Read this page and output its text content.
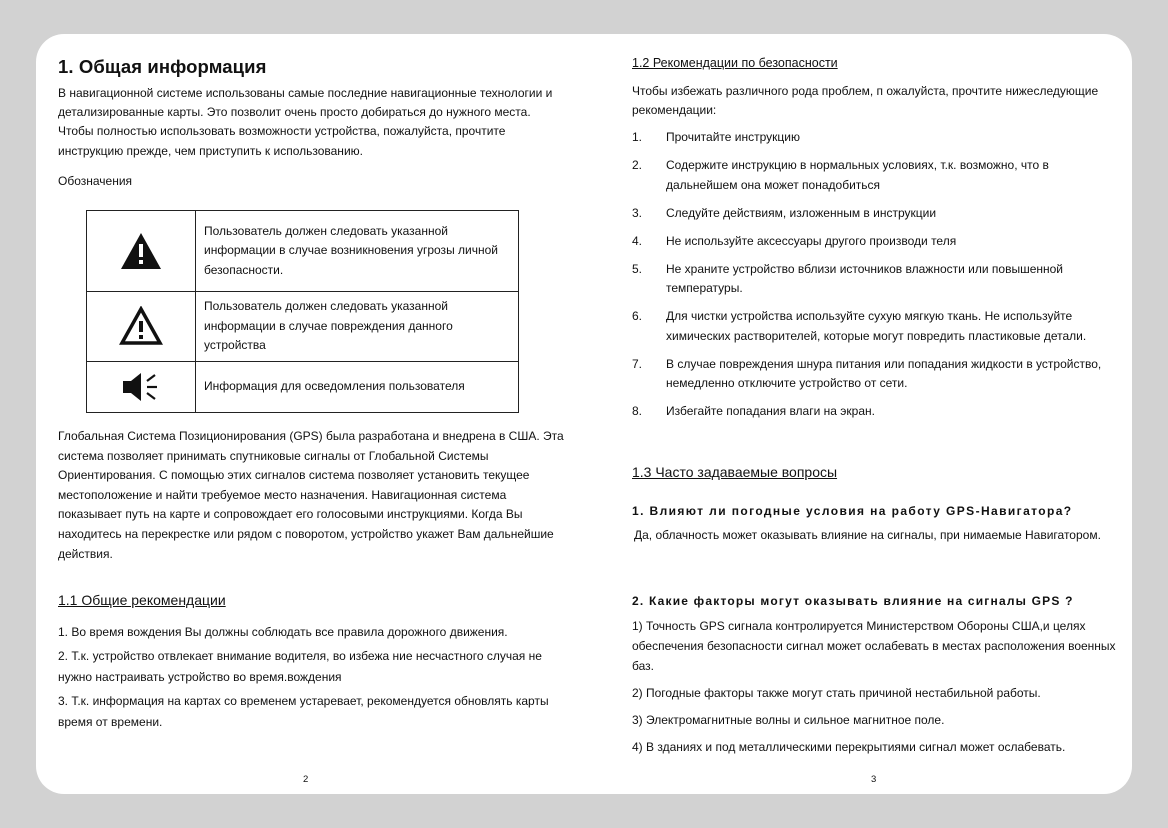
1. Общая информация

В навигационной системе использованы самые последние навигационные технологии и детализированные карты. Это позволит очень просто добираться до нужного места. Чтобы полностью использовать возможности устройства, пожалуйста, прочтите инструкцию прежде, чем приступить к использованию.

Обозначения

	Пользователь должен следовать указанной информации в случае возникновения угрозы личной безопасности.

	Пользователь должен следовать указанной информации в случае повреждения данного устройства

	Информация для осведомления пользователя

Глобальная Система Позиционирования (GPS) была разработана и внедрена в США. Эта система позволяет принимать спутниковые сигналы от Глобальной Системы Ориентирования. С помощью этих сигналов система позволяет установить текущее местоположение и найти требуемое место назначения. Навигационная система показывает путь на карте и сопровождает его голосовыми инструкциями. Когда Вы находитесь на перекрестке или рядом с поворотом, устройство укажет Вам дальнейшие действия.

1.1 Общие рекомендации
1. Во время вождения Вы должны соблюдать все правила дорожного движения.
2. Т.к. устройство отвлекает внимание водителя, во избежа ние несчастного случая не нужно настраивать устройство во время.вождения
3. Т.к. информация на картах со временем устаревает, рекомендуется обновлять карты время от времени.
2
1.2 Рекомендации по безопасности

Чтобы избежать различного рода проблем, п ожалуйста, прочтите нижеследующие рекомендации:

1.	Прочитайте инструкцию
2.	Содержите инструкцию в нормальных условиях, т.к. возможно, что в дальнейшем она может понадобиться
3.	Следуйте действиям, изложенным в инструкции
4.	Не используйте аксессуары другого производи теля
5.	Не храните устройство вблизи источников влажности или повышенной температуры.
6.	Для чистки устройства используйте сухую мягкую ткань. Не используйте химических растворителей, которые могут повредить пластиковые детали.
7.	В случае повреждения шнура питания или попадания жидкости в устройство, немедленно отключите устройство от сети.
8.	Избегайте попадания влаги на экран.
1.3 Часто задаваемые вопросы

1. Влияют ли погодные условия на работу GPS-Навигатора?

Да, облачность может оказывать влияние на сигналы, при нимаемые Навигатором.

2. Какие факторы могут оказывать влияние на сигналы GPS ?

1) Точность GPS сигнала контролируется Министерством Обороны США,и целях обеспечения безопасности сигнал может ослабевать в местах расположения военных баз.
2) Погодные факторы также могут стать причиной нестабильной работы.
3) Электромагнитные волны и сильное магнитное поле.
4) В зданиях и под металлическими перекрытиями сигнал может ослабевать.
3
